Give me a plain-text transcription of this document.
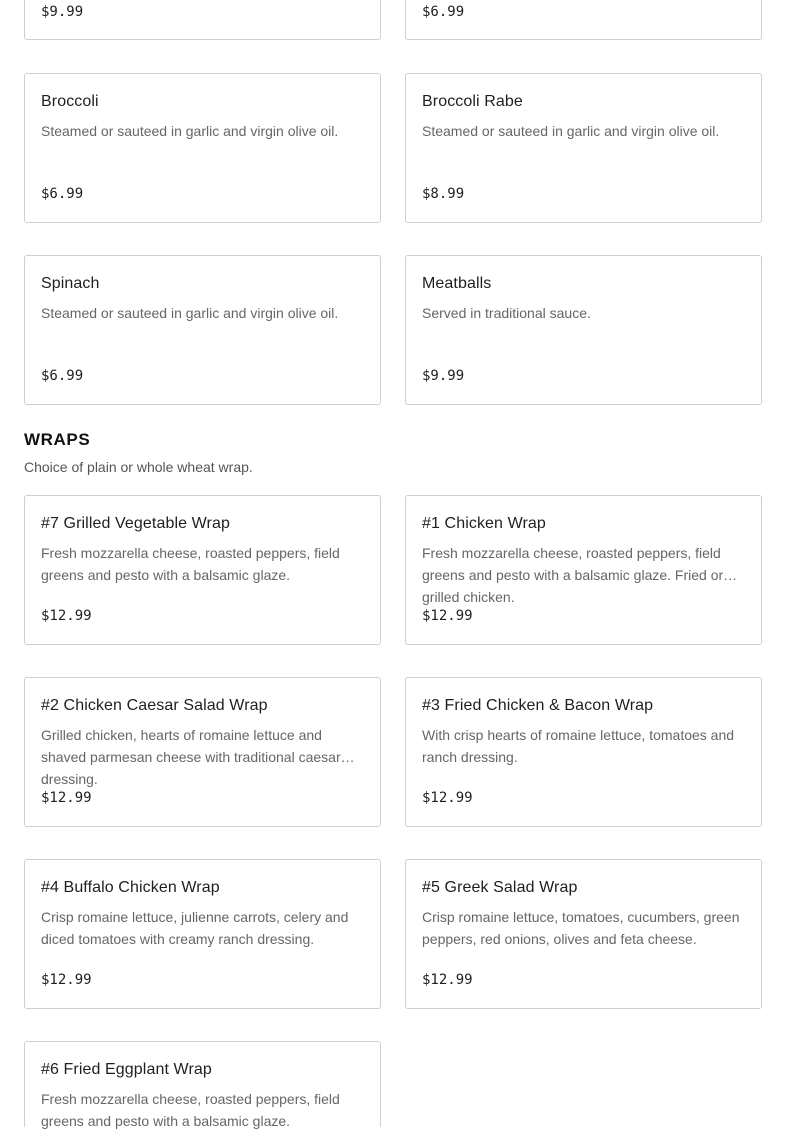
$9.99	$6.99
Broccoli
Steamed or sauteed in garlic and virgin olive oil.
$6.99
Broccoli Rabe
Steamed or sauteed in garlic and virgin olive oil.
$8.99
Spinach
Steamed or sauteed in garlic and virgin olive oil.
$6.99
Meatballs
Served in traditional sauce.
$9.99
WRAPS
Choice of plain or whole wheat wrap.
#7 Grilled Vegetable Wrap
Fresh mozzarella cheese, roasted peppers, field greens and pesto with a balsamic glaze.
$12.99
#1 Chicken Wrap
Fresh mozzarella cheese, roasted peppers, field greens and pesto with a balsamic glaze. Fried or grilled chicken.
$12.99
#2 Chicken Caesar Salad Wrap
Grilled chicken, hearts of romaine lettuce and shaved parmesan cheese with traditional caesar dressing.
$12.99
#3 Fried Chicken & Bacon Wrap
With crisp hearts of romaine lettuce, tomatoes and ranch dressing.
$12.99
#4 Buffalo Chicken Wrap
Crisp romaine lettuce, julienne carrots, celery and diced tomatoes with creamy ranch dressing.
$12.99
#5 Greek Salad Wrap
Crisp romaine lettuce, tomatoes, cucumbers, green peppers, red onions, olives and feta cheese.
$12.99
#6 Fried Eggplant Wrap
Fresh mozzarella cheese, roasted peppers, field greens and pesto with a balsamic glaze.
